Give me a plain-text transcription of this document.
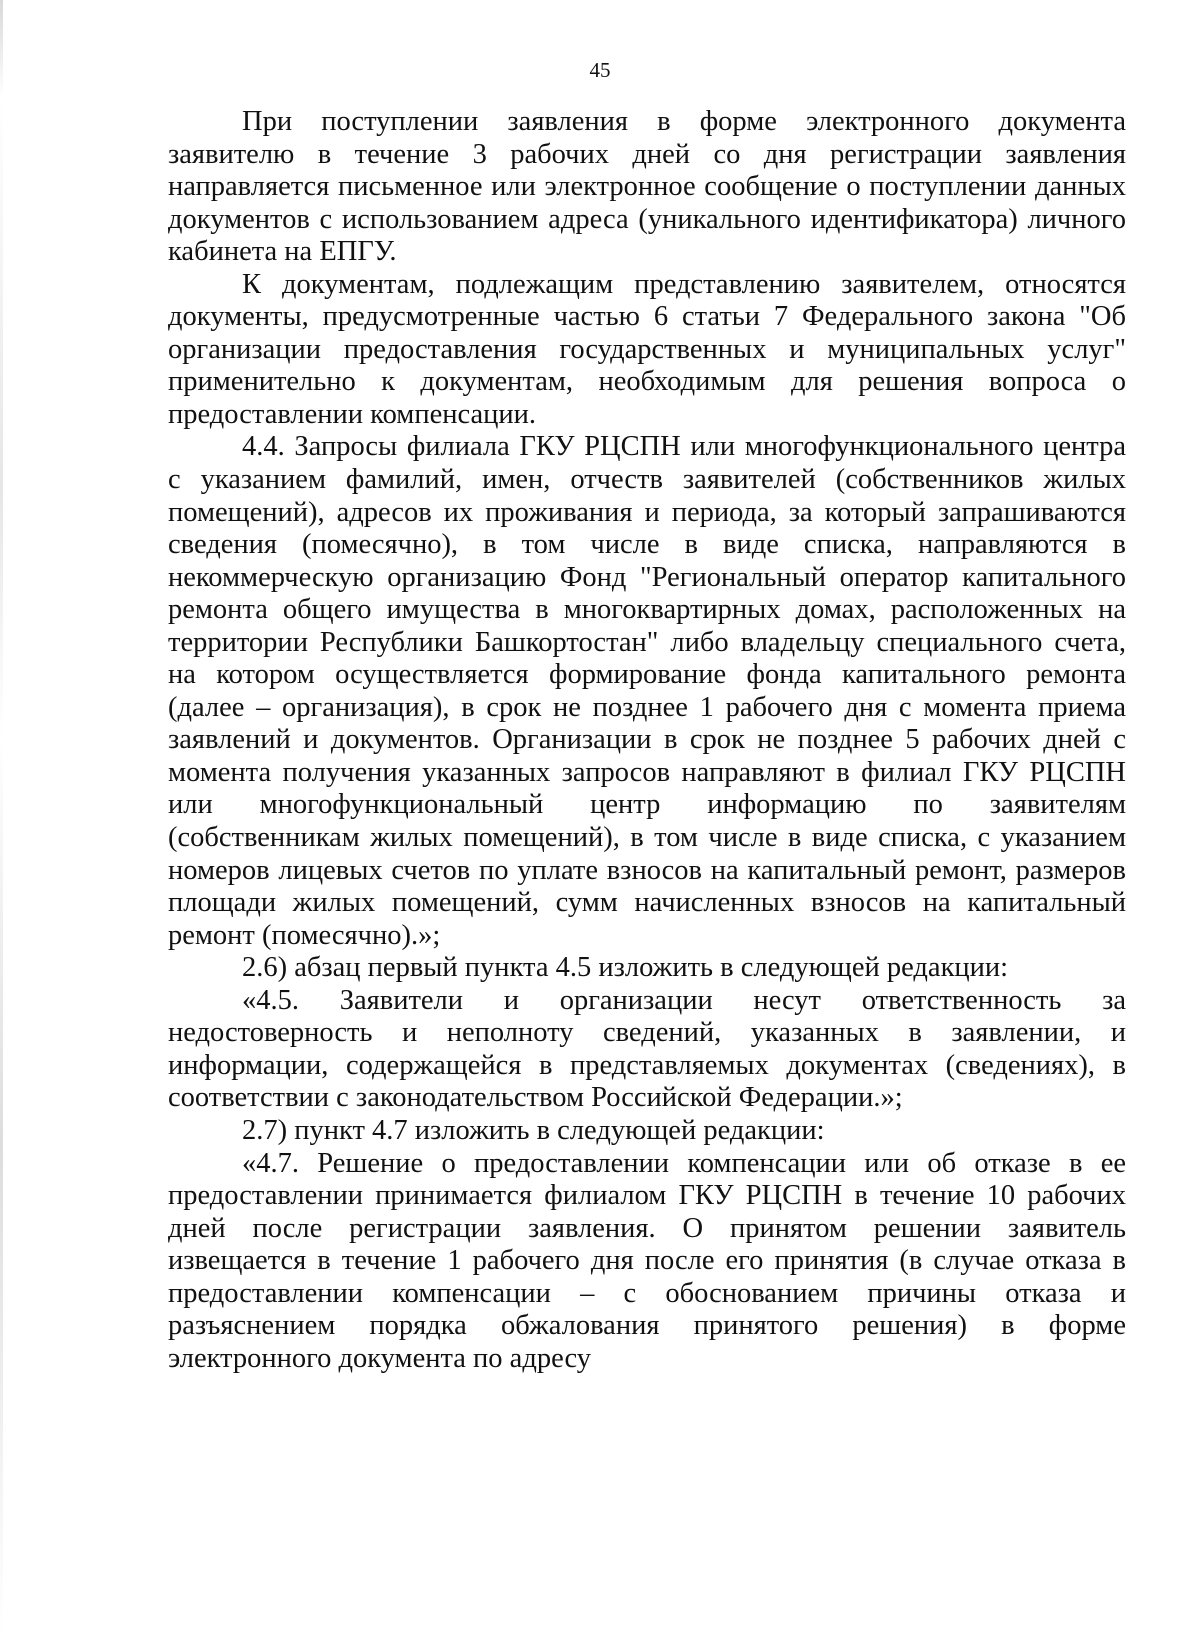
45

При поступлении заявления в форме электронного документа заявителю в течение 3 рабочих дней со дня регистрации заявления направляется письменное или электронное сообщение о поступлении данных документов с использованием адреса (уникального идентификатора) личного кабинета на ЕПГУ.

К документам, подлежащим представлению заявителем, относятся документы, предусмотренные частью 6 статьи 7 Федерального закона "Об организации предоставления государственных и муниципальных услуг" применительно к документам, необходимым для решения вопроса о предоставлении компенсации.

4.4. Запросы филиала ГКУ РЦСПН или многофункционального центра с указанием фамилий, имен, отчеств заявителей (собственников жилых помещений), адресов их проживания и периода, за который запрашиваются сведения (помесячно), в том числе в виде списка, направляются в некоммерческую организацию Фонд "Региональный оператор капитального ремонта общего имущества в многоквартирных домах, расположенных на территории Республики Башкортостан" либо владельцу специального счета, на котором осуществляется формирование фонда капитального ремонта (далее – организация), в срок не позднее 1 рабочего дня с момента приема заявлений и документов. Организации в срок не позднее 5 рабочих дней с момента получения указанных запросов направляют в филиал ГКУ РЦСПН или многофункциональный центр информацию по заявителям (собственникам жилых помещений), в том числе в виде списка, с указанием номеров лицевых счетов по уплате взносов на капитальный ремонт, размеров площади жилых помещений, сумм начисленных взносов на капитальный ремонт (помесячно).»;

2.6) абзац первый пункта 4.5 изложить в следующей редакции:

«4.5. Заявители и организации несут ответственность за недостоверность и неполноту сведений, указанных в заявлении, и информации, содержащейся в представляемых документах (сведениях), в соответствии с законодательством Российской Федерации.»;

2.7) пункт 4.7 изложить в следующей редакции:

«4.7. Решение о предоставлении компенсации или об отказе в ее предоставлении принимается филиалом ГКУ РЦСПН в течение 10 рабочих дней после регистрации заявления. О принятом решении заявитель извещается в течение 1 рабочего дня после его принятия (в случае отказа в предоставлении компенсации – с обоснованием причины отказа и разъяснением порядка обжалования принятого решения) в форме электронного документа по адресу
